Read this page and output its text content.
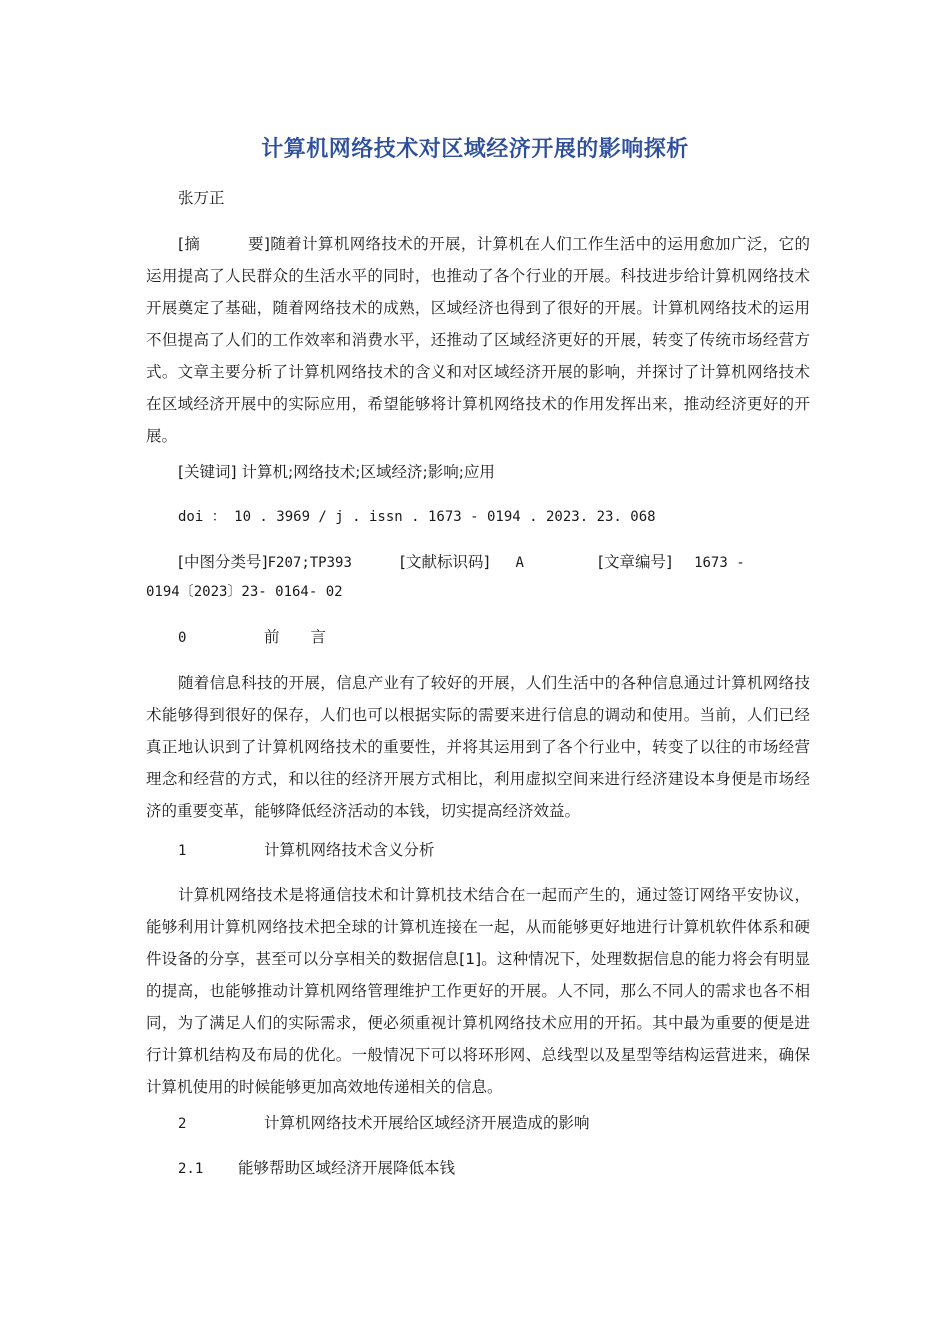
计算机网络技术对区域经济开展的影响探析
张万正

[摘　　　要]随着计算机网络技术的开展，计算机在人们工作生活中的运用愈加广泛，它的运用提高了人民群众的生活水平的同时，也推动了各个行业的开展。科技进步给计算机网络技术开展奠定了基础，随着网络技术的成熟，区域经济也得到了很好的开展。计算机网络技术的运用不但提高了人们的工作效率和消费水平，还推动了区域经济更好的开展，转变了传统市场经营方式。文章主要分析了计算机网络技术的含义和对区域经济开展的影响，并探讨了计算机网络技术在区域经济开展中的实际应用，希望能够将计算机网络技术的作用发挥出来，推动经济更好的开展。

[关键词] 计算机;网络技术;区域经济;影响;应用
doi ： 10 . 3969 / j . issn . 1673 - 0194 . 2023. 23. 068
[中图分类号]F207;TP393	[文献标识码] A	[文章编号] 1673 -
0194〔2023〕23- 0164- 02
0	前　　言

随着信息科技的开展，信息产业有了较好的开展，人们生活中的各种信息通过计算机网络技术能够得到很好的保存，人们也可以根据实际的需要来进行信息的调动和使用。当前，人们已经真正地认识到了计算机网络技术的重要性，并将其运用到了各个行业中，转变了以往的市场经营理念和经营的方式，和以往的经济开展方式相比，利用虚拟空间来进行经济建设本身便是市场经济的重要变革，能够降低经济活动的本钱，切实提高经济效益。

1	计算机网络技术含义分析

计算机网络技术是将通信技术和计算机技术结合在一起而产生的，通过签订网络平安协议，能够利用计算机网络技术把全球的计算机连接在一起，从而能够更好地进行计算机软件体系和硬件设备的分享，甚至可以分享相关的数据信息[1]。这种情况下，处理数据信息的能力将会有明显的提高，也能够推动计算机网络管理维护工作更好的开展。人不同，那么不同人的需求也各不相同，为了满足人们的实际需求，便必须重视计算机网络技术应用的开拓。其中最为重要的便是进行计算机结构及布局的优化。一般情况下可以将环形网、总线型以及星型等结构运营进来，确保计算机使用的时候能够更加高效地传递相关的信息。

2	计算机网络技术开展给区域经济开展造成的影响
2.1 能够帮助区域经济开展降低本钱
